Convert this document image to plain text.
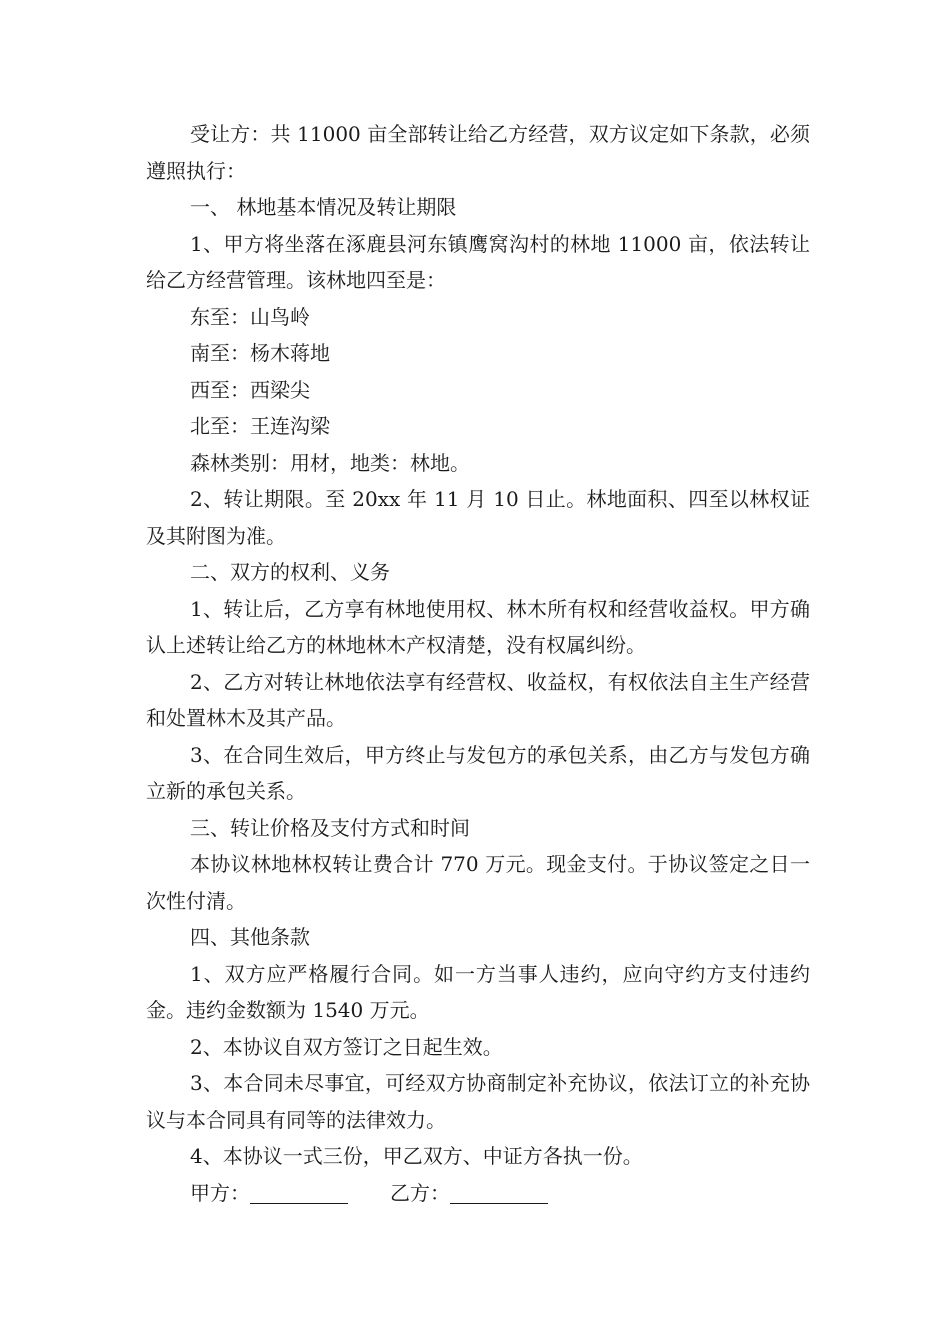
受让方：共 11000 亩全部转让给乙方经营，双方议定如下条款，必须遵照执行：

一、 林地基本情况及转让期限

1、甲方将坐落在涿鹿县河东镇鹰窝沟村的林地 11000 亩，依法转让给乙方经营管理。该林地四至是：

东至：山鸟岭

南至：杨木蒋地

西至：西梁尖

北至：王连沟梁

森林类别：用材，地类：林地。

2、转让期限。至 20xx 年 11 月 10 日止。林地面积、四至以林权证及其附图为准。

二、双方的权利、义务

1、转让后，乙方享有林地使用权、林木所有权和经营收益权。甲方确认上述转让给乙方的林地林木产权清楚，没有权属纠纷。

2、乙方对转让林地依法享有经营权、收益权，有权依法自主生产经营和处置林木及其产品。

3、在合同生效后，甲方终止与发包方的承包关系，由乙方与发包方确立新的承包关系。

三、转让价格及支付方式和时间

本协议林地林权转让费合计 770 万元。现金支付。于协议签定之日一次性付清。

四、其他条款

1、双方应严格履行合同。如一方当事人违约，应向守约方支付违约金。违约金数额为 1540 万元。

2、本协议自双方签订之日起生效。

3、本合同未尽事宜，可经双方协商制定补充协议，依法订立的补充协议与本合同具有同等的法律效力。

4、本协议一式三份，甲乙双方、中证方各执一份。

甲方：	乙方：
